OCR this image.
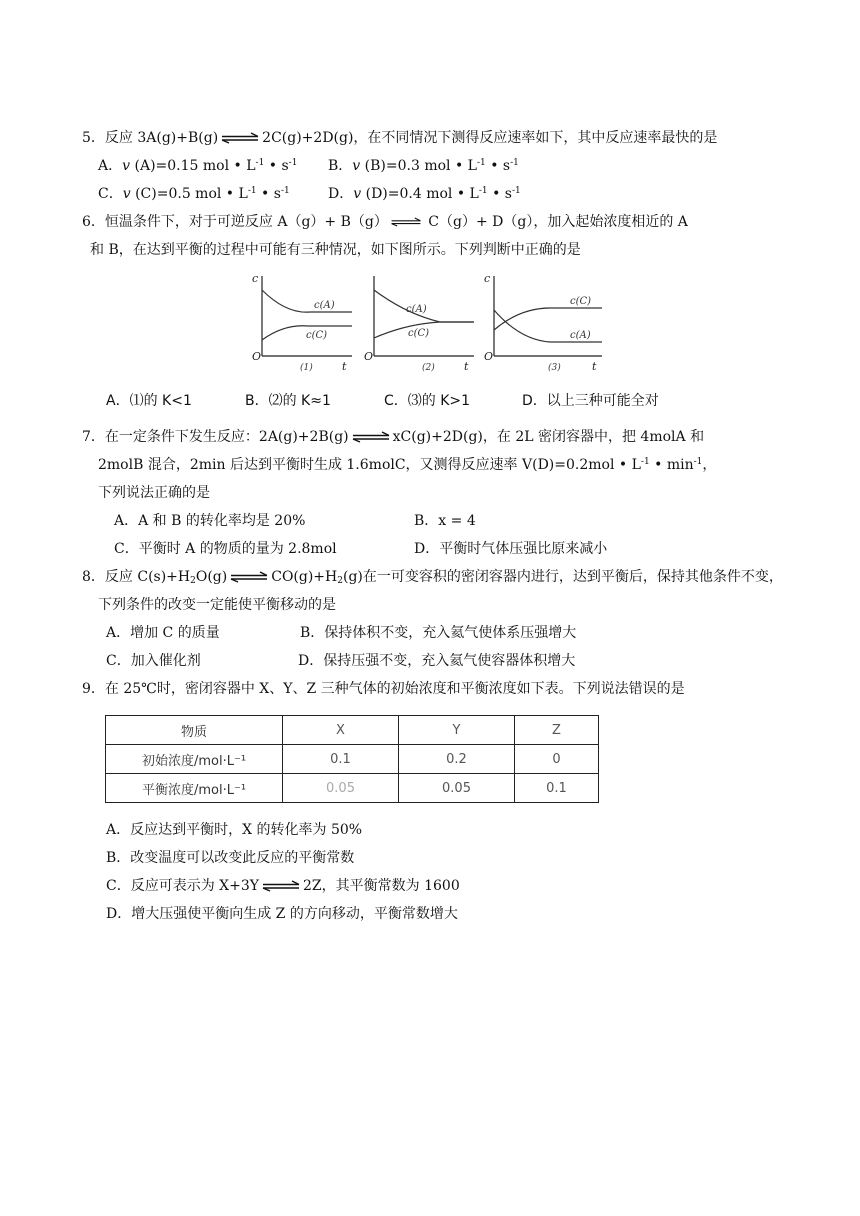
5．反应 3A(g)+B(g) ⇌ 2C(g)+2D(g)，在不同情况下测得反应速率如下，其中反应速率最快的是
A．v (A)=0.15 mol • $L^{-1}$ • $s^{-1}$ B．v (B)=0.3 mol • $L^{-1}$ • $s^{-1}$
C．v (C)=0.5 mol • $L^{-1}$ • $s^{-1}$	D．v (D)=0.4 mol • $L^{-1}$ • $s^{-1}$
6．恒温条件下，对于可逆反应 A（g）+ B（g） ⇌ C（g）+ D（g），加入起始浓度相近的 A
和 B，在达到平衡的过程中可能有三种情况，如下图所示。下列判断中正确的是
c
O
t
c(A)
c(C)
(1)
O
t
c(A)
c(C)
(2)
c
O
t
c(C)
c(A)
(3)
A．⑴的 K<1	B．⑵的 K≈1	C．⑶的 K>1	D．以上三种可能全对
7．在一定条件下发生反应：2A(g)+2B(g) ⇌ xC(g)+2D(g)，在 2L 密闭容器中，把 4molA 和
2molB 混合，2min 后达到平衡时生成 1.6molC，又测得反应速率 V(D)=0.2mol • $L^{-1}$ • $\min^{-1}$，
下列说法正确的是
A．A 和 B 的转化率均是 20%	B．x = 4
C．平衡时 A 的物质的量为 2.8mol	D．平衡时气体压强比原来减小
8．反应 $C(s)+H_2O(g)$ ⇌ $CO(g)+H_2(g)$在一可变容积的密闭容器内进行，达到平衡后，保持其他条件不变，
下列条件的改变一定能使平衡移动的是
A．增加 C 的质量	B．保持体积不变，充入氦气使体系压强增大
C．加入催化剂	D．保持压强不变，充入氦气使容器体积增大
9．在 25℃时，密闭容器中 X、Y、Z 三种气体的初始浓度和平衡浓度如下表。下列说法错误的是
物质	X	Y	Z
初始浓度/mol·L⁻¹	0.1	0.2	0
平衡浓度/mol·L⁻¹	0.05	0.05	0.1
A．反应达到平衡时，X 的转化率为 50%
B．改变温度可以改变此反应的平衡常数
C．反应可表示为 X+3Y ⇌ 2Z，其平衡常数为 1600
D．增大压强使平衡向生成 Z 的方向移动，平衡常数增大
